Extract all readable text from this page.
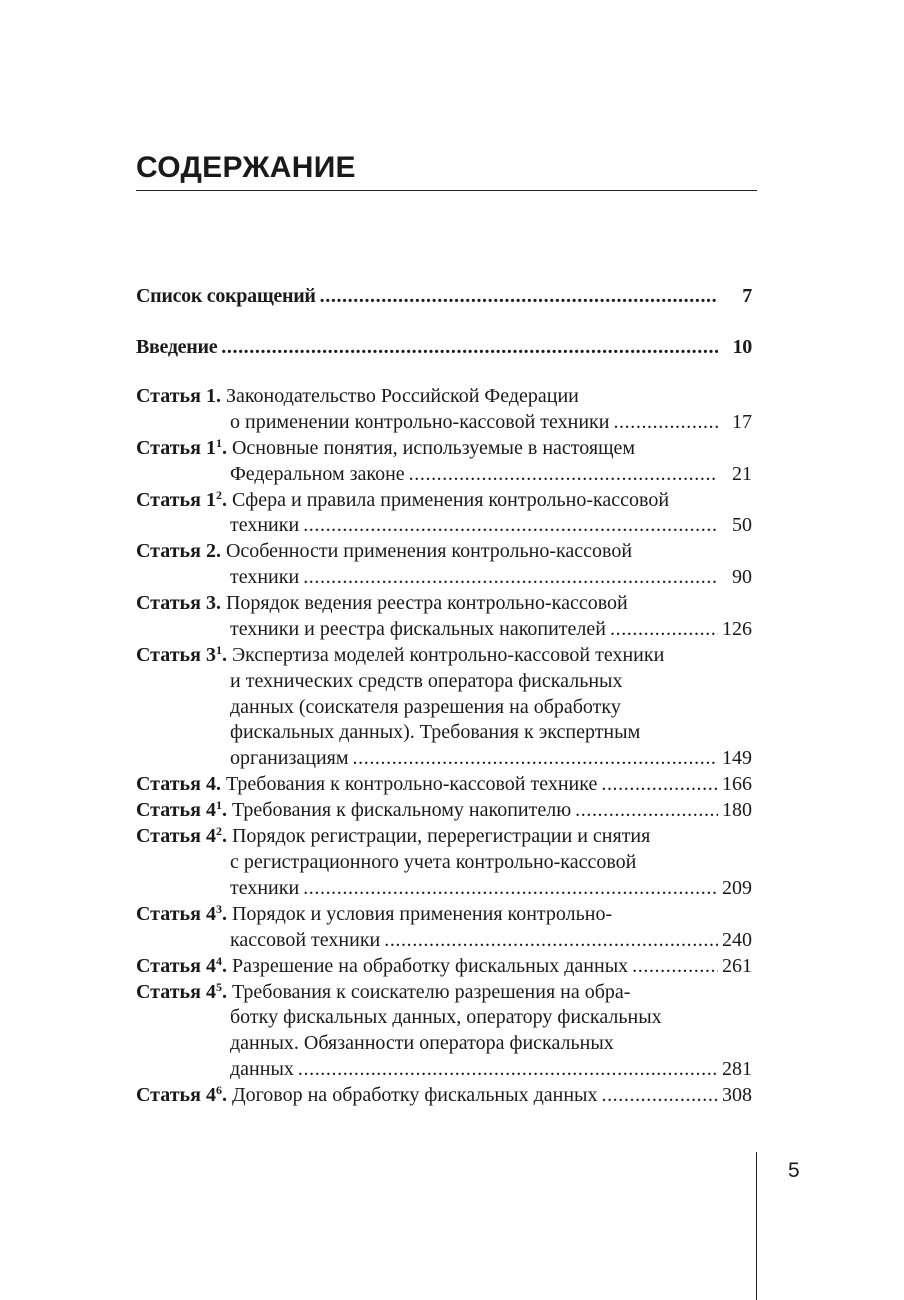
СОДЕРЖАНИЕ
Список сокращений .....	7
Введение .....	10
Статья 1.
Законодательство Российской Федерации
о применении контрольно-кассовой техники .....	17
Статья $1^1$.
Основные понятия, используемые в настоящем
Федеральном законе .....	21
Статья $1^2$.
Сфера и правила применения контрольно-кассовой
техники .....	50
Статья 2.
Особенности применения контрольно-кассовой
техники .....	90
Статья 3.
Порядок ведения реестра контрольно-кассовой
техники и реестра фискальных накопителей .....	126
Статья $3^1$.
Экспертиза моделей контрольно-кассовой техники
и технических средств оператора фискальных
данных (соискателя разрешения на обработку
фискальных данных). Требования к экспертным
организациям .....	149
Статья 4.
Требования к контрольно-кассовой технике .....	166
Статья $4^1$.
Требования к фискальному накопителю .....	180
Статья $4^2$.
Порядок регистрации, перерегистрации и снятия
с регистрационного учета контрольно-кассовой
техники .....	209
Статья $4^3$.
Порядок и условия применения контрольно-
кассовой техники .....	240
Статья $4^4$.
Разрешение на обработку фискальных данных .....	261
Статья $4^5$.
Требования к соискателю разрешения на обра-
ботку фискальных данных, оператору фискальных
данных. Обязанности оператора фискальных
данных .....	281
Статья $4^6$.
Договор на обработку фискальных данных .....	308
5
